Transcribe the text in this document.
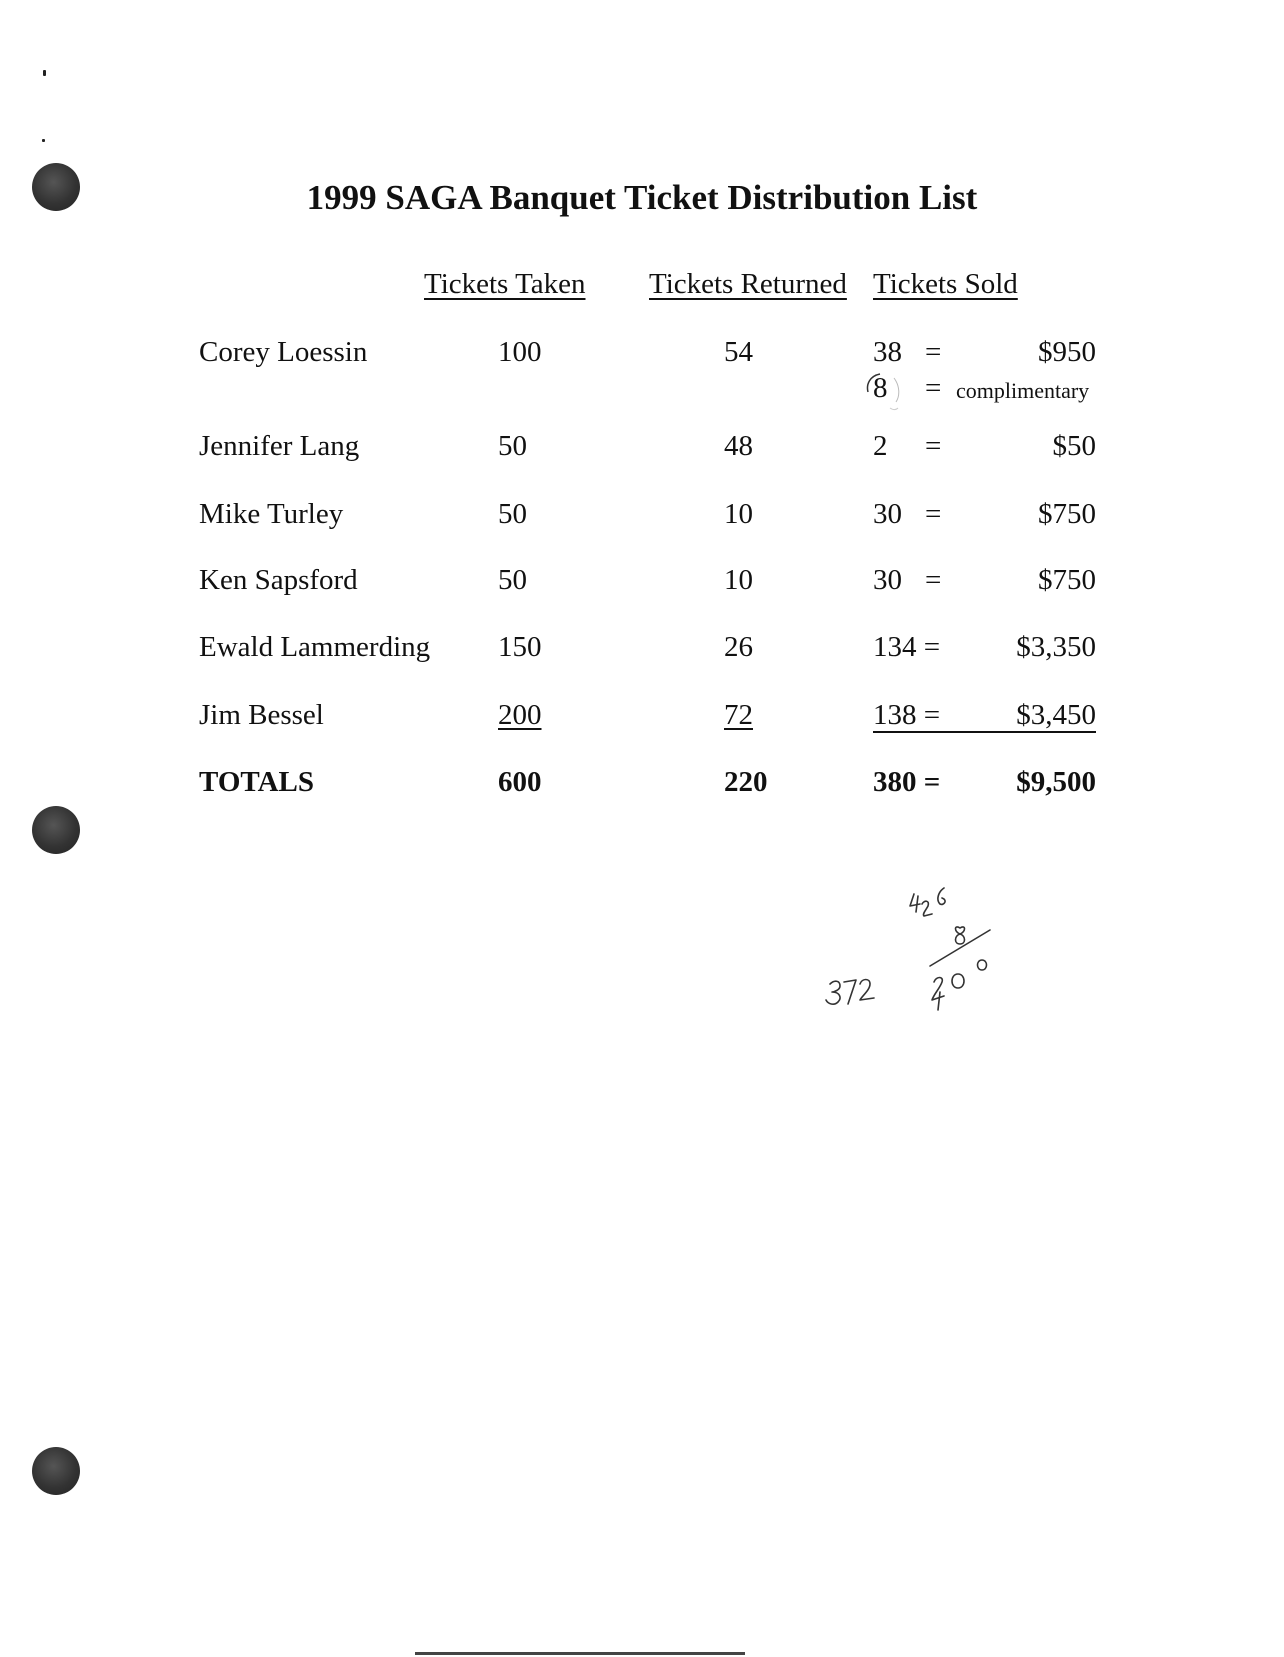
1999 SAGA Banquet Ticket Distribution List
Tickets Taken Tickets Returned Tickets Sold
Corey Loessin	100	54	38 =	$950
8 = complimentary
Jennifer Lang	50	48	2 =	$50
Mike Turley	50	10	30 =	$750
Ken Sapsford	50	10	30 =	$750
Ewald Lammerding 150	26	134 =	$3,350
Jim Bessel	200	72	138 =	$3,450
TOTALS	600	220	380 =	$9,500
